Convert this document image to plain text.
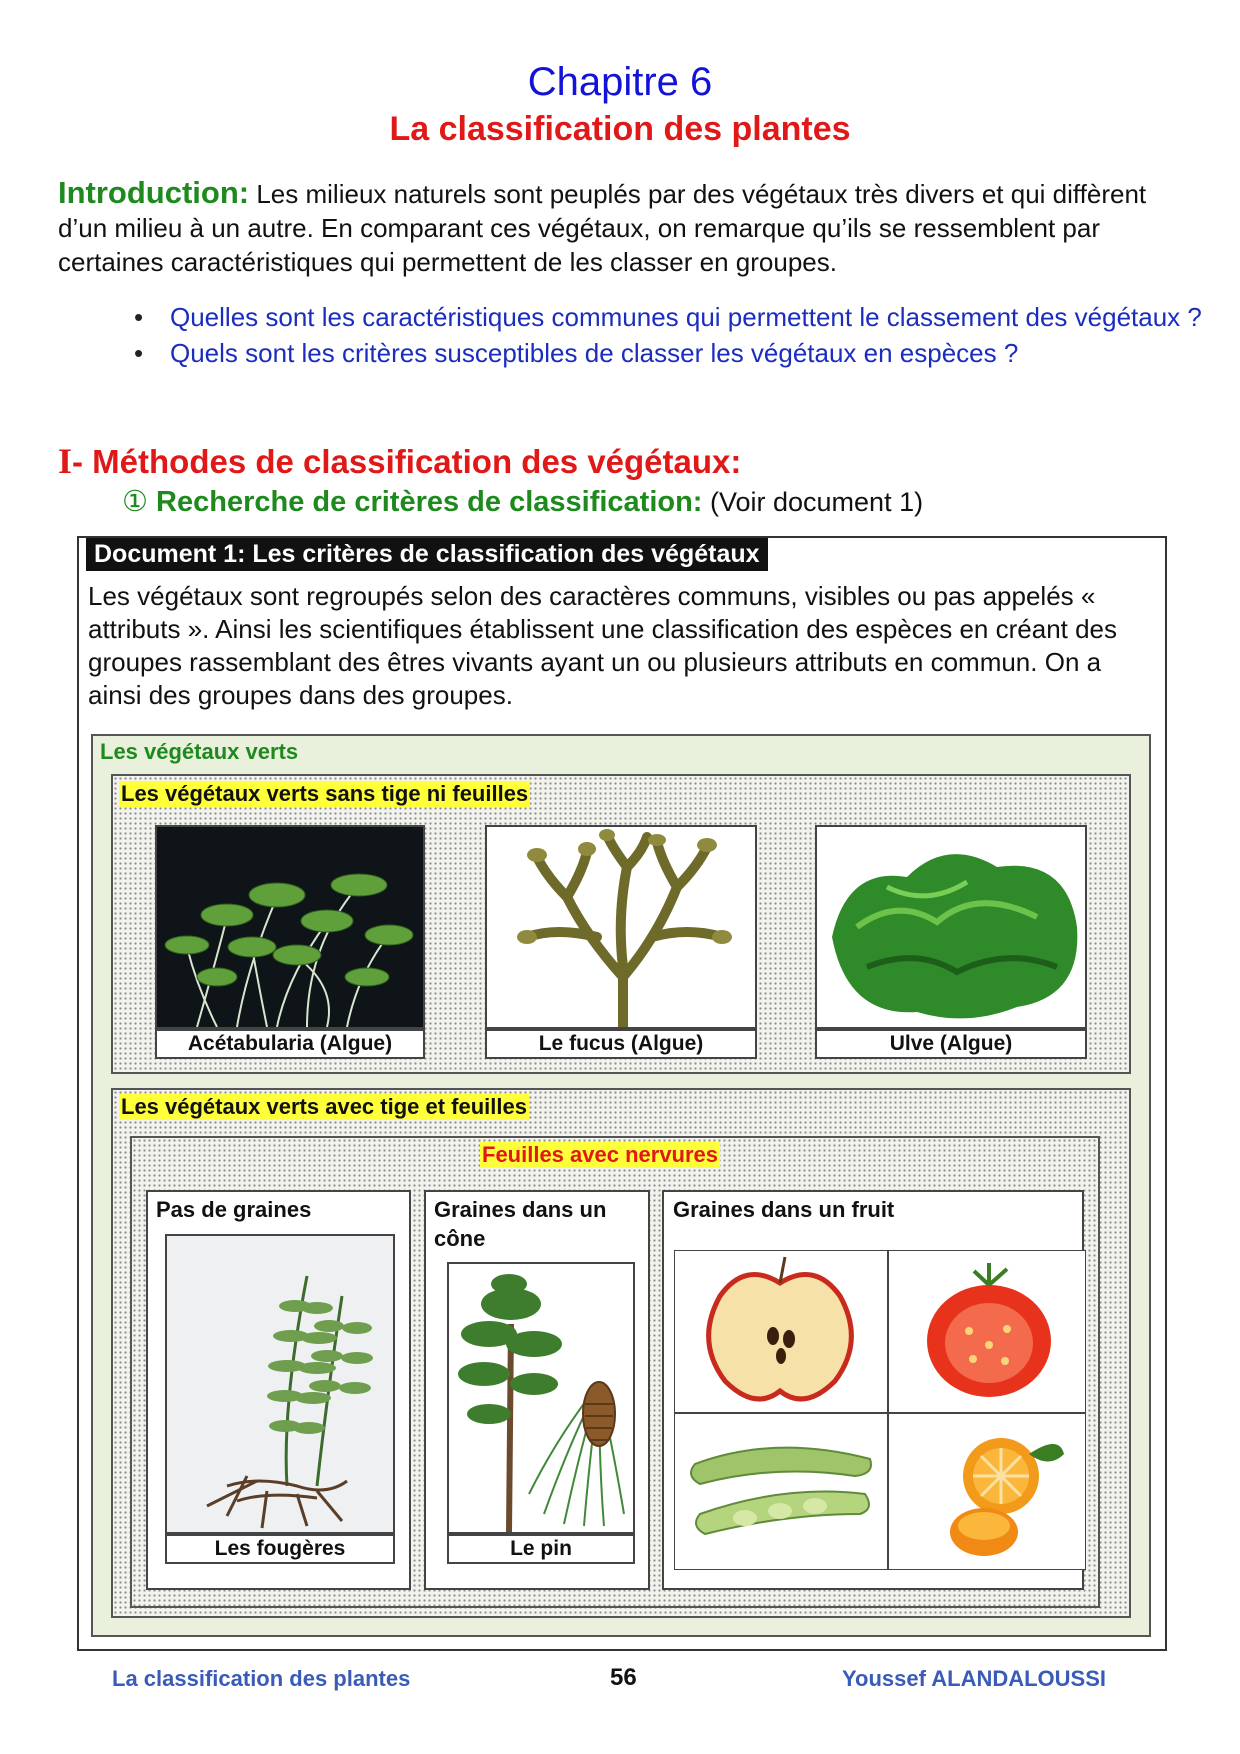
Chapitre 6
La classification des plantes
Introduction: Les milieux naturels sont peuplés par des végétaux très divers et qui diffèrent d’un milieu à un autre. En comparant ces végétaux, on remarque qu’ils se ressemblent par certaines caractéristiques qui permettent de les classer en groupes.
• Quelles sont les caractéristiques communes qui permettent le classement des végétaux ?
• Quels sont les critères susceptibles de classer les végétaux en espèces ?
I- Méthodes de classification des végétaux:
① Recherche de critères de classification: (Voir document 1)
Document 1: Les critères de classification des végétaux
Les végétaux sont regroupés selon des caractères communs, visibles ou pas appelés « attributs ». Ainsi les scientifiques établissent une classification des espèces en créant des groupes rassemblant des êtres vivants ayant un ou plusieurs attributs en commun. On a ainsi des groupes dans des groupes.
Les végétaux verts
Les végétaux verts sans tige ni feuilles
Acétabularia (Algue)	Le fucus (Algue)	Ulve (Algue)
Les végétaux verts avec tige et feuilles
Feuilles avec nervures
Pas de graines
Les fougères
Graines dans un cône
Le pin
Graines dans un fruit
La classification des plantes	56	Youssef ALANDALOUSSI
